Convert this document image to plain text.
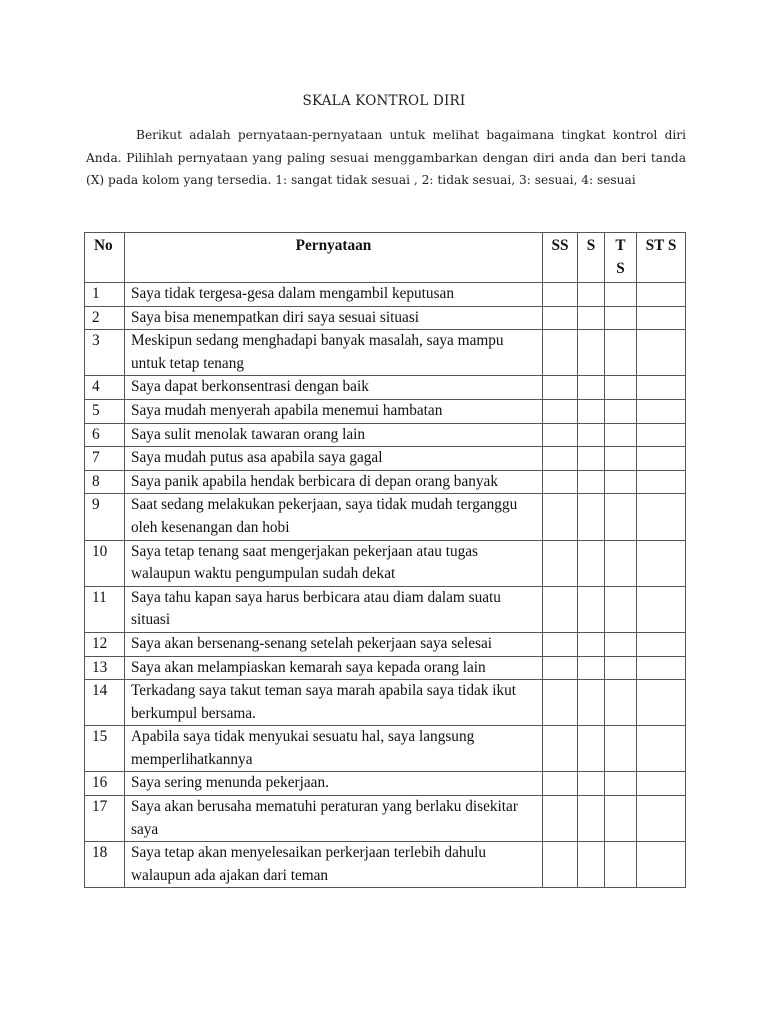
SKALA KONTROL DIRI

Berikut adalah pernyataan-pernyataan untuk melihat bagaimana tingkat kontrol diri Anda. Pilihlah pernyataan yang paling sesuai menggambarkan dengan diri anda dan beri tanda (X) pada kolom yang tersedia. 1: sangat tidak sesuai , 2: tidak sesuai, 3: sesuai, 4: sesuai

No	Pernyataan	SS	S	T S	ST S
1	Saya tidak tergesa-gesa dalam mengambil keputusan				
2	Saya bisa menempatkan diri saya sesuai situasi				
3	Meskipun sedang menghadapi banyak masalah, saya mampu untuk tetap tenang				
4	Saya dapat berkonsentrasi dengan baik				
5	Saya mudah menyerah apabila menemui hambatan				
6	Saya sulit menolak tawaran orang lain				
7	Saya mudah putus asa apabila saya gagal				
8	Saya panik apabila hendak berbicara di depan orang banyak				
9	Saat sedang melakukan pekerjaan, saya tidak mudah terganggu oleh kesenangan dan hobi				
10	Saya tetap tenang saat mengerjakan pekerjaan atau tugas walaupun waktu pengumpulan sudah dekat				
11	Saya tahu kapan saya harus berbicara atau diam dalam suatu situasi				
12	Saya akan bersenang-senang setelah pekerjaan saya selesai				
13	Saya akan melampiaskan kemarah saya kepada orang lain				
14	Terkadang saya takut teman saya marah apabila saya tidak ikut berkumpul bersama.				
15	Apabila saya tidak menyukai sesuatu hal, saya langsung memperlihatkannya				
16	Saya sering menunda pekerjaan.				
17	Saya akan berusaha mematuhi peraturan yang berlaku disekitar saya				
18	Saya tetap akan menyelesaikan perkerjaan terlebih dahulu walaupun ada ajakan dari teman				
